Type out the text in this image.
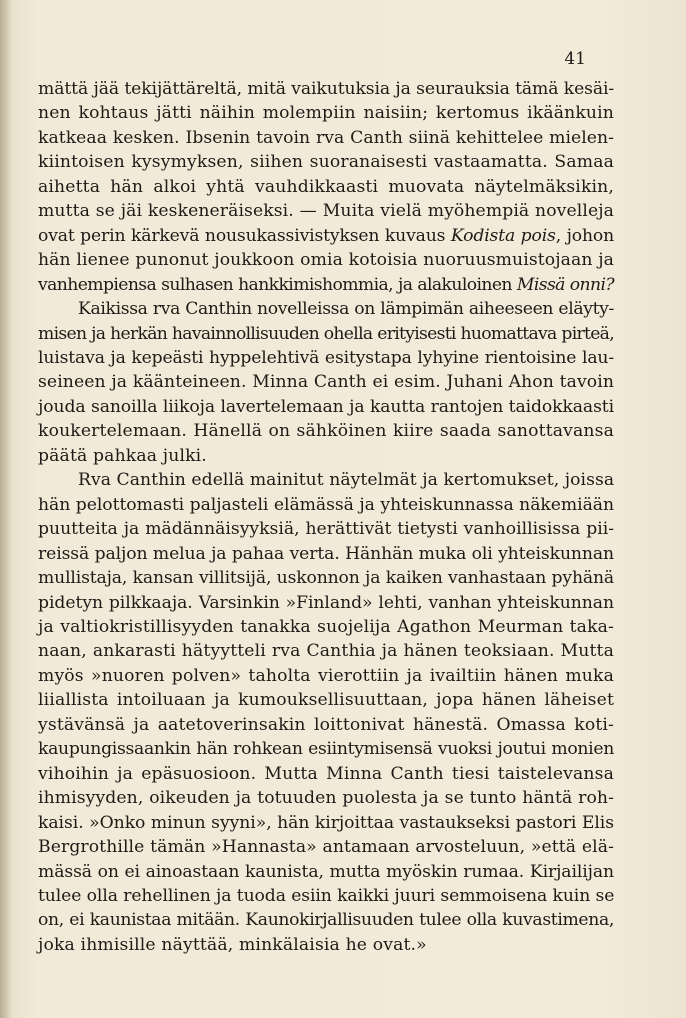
41
mättä jää tekijättäreltä, mitä vaikutuksia ja seurauksia tämä kesäi-
nen kohtaus jätti näihin molempiin naisiin; kertomus ikäänkuin
katkeaa kesken. Ibsenin tavoin rva Canth siinä kehittelee mielen-
kiintoisen kysymyksen, siihen suoranaisesti vastaamatta. Samaa
aihetta hän alkoi yhtä vauhdikkaasti muovata näytelmäksikin,
mutta se jäi keskeneräiseksi. — Muita vielä myöhempiä novelleja
ovat perin kärkevä nousukassivistyksen kuvaus Kodista pois, johon
hän lienee punonut joukkoon omia kotoisia nuoruusmuistojaan ja
vanhempiensa sulhasen hankkimishommia, ja alakuloinen Missä onni?
Kaikissa rva Canthin novelleissa on lämpimän aiheeseen eläyty-
misen ja herkän havainnollisuuden ohella erityisesti huomattava pirteä,
luistava ja kepeästi hyppelehtivä esitystapa lyhyine rientoisine lau-
seineen ja käänteineen. Minna Canth ei esim. Juhani Ahon tavoin
jouda sanoilla liikoja lavertelemaan ja kautta rantojen taidokkaasti
koukertelemaan. Hänellä on sähköinen kiire saada sanottavansa
päätä pahkaa julki.
Rva Canthin edellä mainitut näytelmät ja kertomukset, joissa
hän pelottomasti paljasteli elämässä ja yhteiskunnassa näkemiään
puutteita ja mädännäisyyksiä, herättivät tietysti vanhoillisissa pii-
reissä paljon melua ja pahaa verta. Hänhän muka oli yhteiskunnan
mullistaja, kansan villitsijä, uskonnon ja kaiken vanhastaan pyhänä
pidetyn pilkkaaja. Varsinkin »Finland» lehti, vanhan yhteiskunnan
ja valtiokristillisyyden tanakka suojelija Agathon Meurman taka-
naan, ankarasti hätyytteli rva Canthia ja hänen teoksiaan. Mutta
myös »nuoren polven» taholta vierottiin ja ivailtiin hänen muka
liiallista intoiluaan ja kumouksellisuuttaan, jopa hänen läheiset
ystävänsä ja aatetoverinsakin loittonivat hänestä. Omassa koti-
kaupungissaankin hän rohkean esiintymisensä vuoksi joutui monien
vihoihin ja epäsuosioon. Mutta Minna Canth tiesi taistelevansa
ihmisyyden, oikeuden ja totuuden puolesta ja se tunto häntä roh-
kaisi. »Onko minun syyni», hän kirjoittaa vastaukseksi pastori Elis
Bergrothille tämän »Hannasta» antamaan arvosteluun, »että elä-
mässä on ei ainoastaan kaunista, mutta myöskin rumaa. Kirjailijan
tulee olla rehellinen ja tuoda esiin kaikki juuri semmoisena kuin se
on, ei kaunistaa mitään. Kaunokirjallisuuden tulee olla kuvastimena,
joka ihmisille näyttää, minkälaisia he ovat.»
